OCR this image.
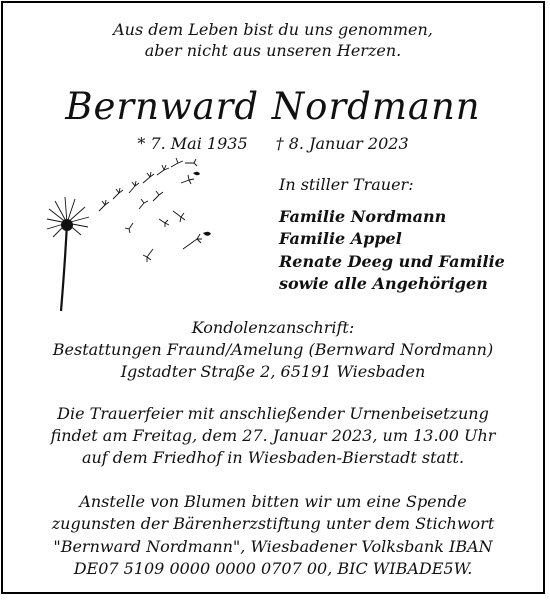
Aus dem Leben bist du uns genommen,
aber nicht aus unseren Herzen.
Bernward Nordmann
* 7. Mai 1935 † 8. Januar 2023
In stiller Trauer:
Familie Nordmann
Familie Appel
Renate Deeg und Familie
sowie alle Angehörigen
Kondolenzanschrift:
Bestattungen Fraund/Amelung (Bernward Nordmann)
Igstadter Straße 2, 65191 Wiesbaden
Die Trauerfeier mit anschließender Urnenbeisetzung
findet am Freitag, dem 27. Januar 2023, um 13.00 Uhr
auf dem Friedhof in Wiesbaden-Bierstadt statt.
Anstelle von Blumen bitten wir um eine Spende
zugunsten der Bärenherzstiftung unter dem Stichwort
"Bernward Nordmann", Wiesbadener Volksbank IBAN
DE07 5109 0000 0000 0707 00, BIC WIBADE5W.
